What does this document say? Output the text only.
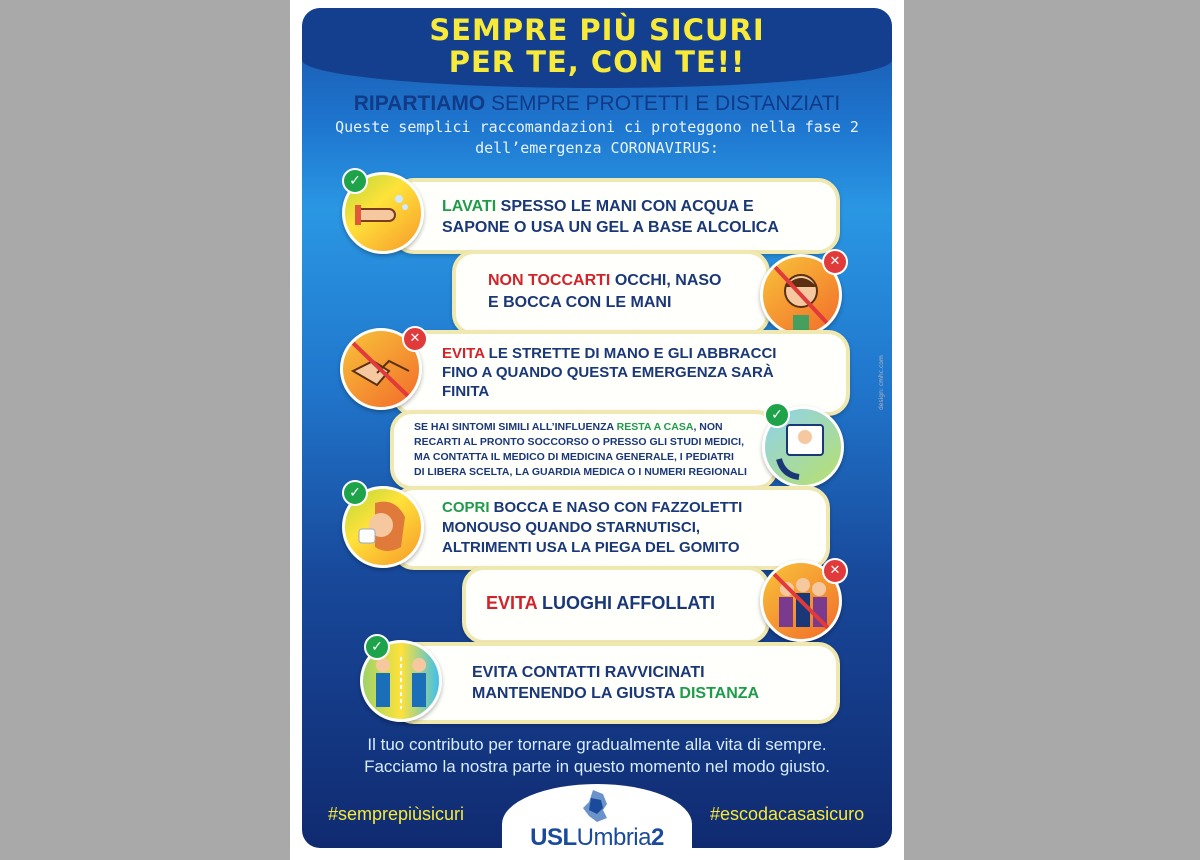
SEMPRE PIÙ SICURI
PER TE, CON TE!!
RIPARTIAMO SEMPRE PROTETTI E DISTANZIATI
Queste semplici raccomandazioni ci proteggono nella fase 2
dell’emergenza CORONAVIRUS:
LAVATI SPESSO LE MANI CON ACQUA E
SAPONE O USA UN GEL A BASE ALCOLICA
✓
NON TOCCARTI OCCHI, NASO
E BOCCA CON LE MANI
✕
EVITA LE STRETTE DI MANO E GLI ABBRACCI
FINO A QUANDO QUESTA EMERGENZA SARÀ
FINITA
✕
SE HAI SINTOMI SIMILI ALL’INFLUENZA RESTA A CASA, NON
RECARTI AL PRONTO SOCCORSO O PRESSO GLI STUDI MEDICI,
MA CONTATTA IL MEDICO DI MEDICINA GENERALE, I PEDIATRI
DI LIBERA SCELTA, LA GUARDIA MEDICA O I NUMERI REGIONALI
✓
COPRI BOCCA E NASO CON FAZZOLETTI
MONOUSO QUANDO STARNUTISCI,
ALTRIMENTI USA LA PIEGA DEL GOMITO
✓
EVITA LUOGHI AFFOLLATI
✕
EVITA CONTATTI RAVVICINATI
MANTENENDO LA GIUSTA DISTANZA
✓
Il tuo contributo per tornare gradualmente alla vita di sempre.
Facciamo la nostra parte in questo momento nel modo giusto.
#semprepiùsicuri	#escodacasasicuro
USLUmbria2
design: cmhc.com
